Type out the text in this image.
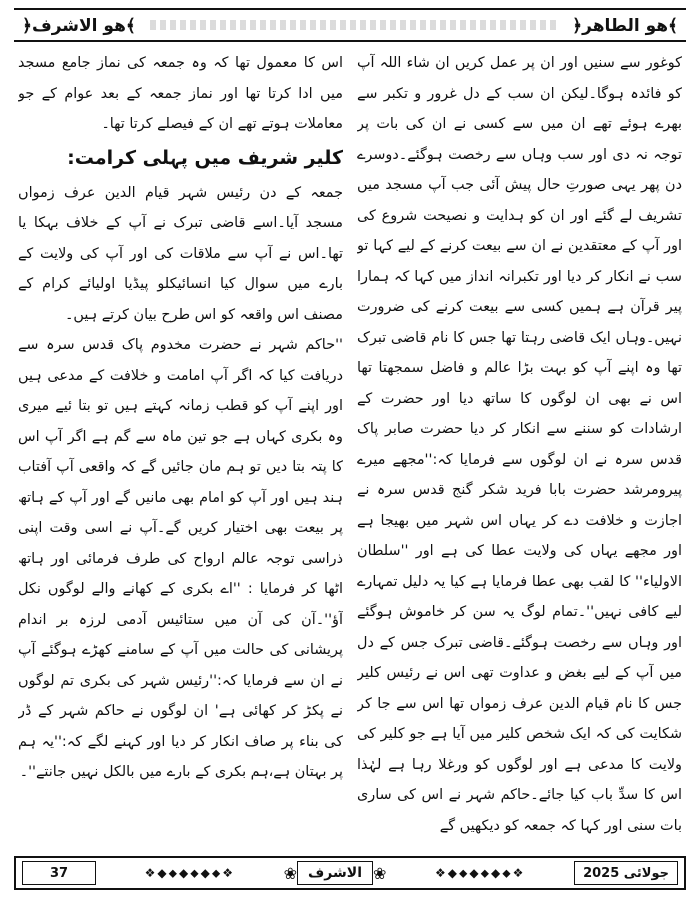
﴿ھو الاشرف﴾	﴿ھو الطاھر﴾

کوغور سے سنیں اور ان پر عمل کریں ان شاء اللہ آپ کو فائدہ ہوگا۔لیکن ان سب کے دل غرور و تکبر سے بھرے ہوئے تھے ان میں سے کسی نے ان کی بات پر توجہ نہ دی اور سب وہاں سے رخصت ہوگئے۔دوسرے دن پھر یہی صورتِ حال پیش آئی جب آپ مسجد میں تشریف لے گئے اور ان کو ہدایت و نصیحت شروع کی اور آپ کے معتقدین نے ان سے بیعت کرنے کے لیے کہا تو سب نے انکار کر دیا اور تکبرانہ انداز میں کہا کہ ہمارا پیر قرآن ہے ہمیں کسی سے بیعت کرنے کی ضرورت نہیں۔وہاں ایک قاضی رہتا تھا جس کا نام قاضی تبرک تھا وہ اپنے آپ کو بہت بڑا عالم و فاضل سمجھتا تھا اس نے بھی ان لوگوں کا ساتھ دیا اور حضرت کے ارشادات کو سننے سے انکار کر دیا حضرت صابر پاک قدس سرہ نے ان لوگوں سے فرمایا کہ:''مجھے میرے پیرومرشد حضرت بابا فرید شکر گنج قدس سرہ نے اجازت و خلافت دے کر یہاں اس شہر میں بھیجا ہے اور مجھے یہاں کی ولایت عطا کی ہے اور ''سلطان الاولیاء'' کا لقب بھی عطا فرمایا ہے کیا یہ دلیل تمہارے لیے کافی نہیں''۔تمام لوگ یہ سن کر خاموش ہوگئے اور وہاں سے رخصت ہوگئے۔قاضی تبرک جس کے دل میں آپ کے لیے بغض و عداوت تھی اس نے رئیس کلیر جس کا نام قیام الدین عرف زمواں تھا اس سے جا کر شکایت کی کہ ایک شخص کلیر میں آیا ہے جو کلیر کی ولایت کا مدعی ہے اور لوگوں کو ورغلا رہا ہے لہٰذا اس کا سدِّ باب کیا جائے۔حاکم شہر نے اس کی ساری بات سنی اور کہا کہ جمعہ کو دیکھیں گے

اس کا معمول تھا کہ وہ جمعہ کی نماز جامع مسجد میں ادا کرتا تھا اور نماز جمعہ کے بعد عوام کے جو معاملات ہوتے تھے ان کے فیصلے کرتا تھا۔

کلیر شریف میں پہلی کرامت:

جمعہ کے دن رئیس شہر قیام الدین عرف زمواں مسجد آیا۔اسے قاضی تبرک نے آپ کے خلاف بہکا یا تھا۔اس نے آپ سے ملاقات کی اور آپ کی ولایت کے بارے میں سوال کیا انسائیکلو پیڈیا اولیائے کرام کے مصنف اس واقعہ کو اس طرح بیان کرتے ہیں۔

''حاکم شہر نے حضرت مخدوم پاک قدس سرہ سے دریافت کیا کہ اگر آپ امامت و خلافت کے مدعی ہیں اور اپنے آپ کو قطب زمانہ کہتے ہیں تو بتا ئیے میری وہ بکری کہاں ہے جو تین ماہ سے گم ہے اگر آپ اس کا پتہ بتا دیں تو ہم مان جائیں گے کہ واقعی آپ آفتاب ہند ہیں اور آپ کو امام بھی مانیں گے اور آپ کے ہاتھ پر بیعت بھی اختیار کریں گے۔آپ نے اسی وقت اپنی ذراسی توجہ عالم ارواح کی طرف فرمائی اور ہاتھ اٹھا کر فرمایا : ''اے بکری کے کھانے والے لوگوں نکل آؤ''۔آن کی آن میں ستائیس آدمی لرزہ بر اندام پریشانی کی حالت میں آپ کے سامنے کھڑے ہوگئے آپ نے ان سے فرمایا کہ:''رئیس شہر کی بکری تم لوگوں نے پکڑ کر کھائی ہے' ان لوگوں نے حاکم شہر کے ڈر کی بناء پر صاف انکار کر دیا اور کہنے لگے کہ:''یہ ہم پر بہتان ہے،ہم بکری کے بارے میں بالکل نہیں جانتے''۔

37	❖◆⬥◆⬥◆⬥❖	❀ الاشرف ❀	❖◆⬥◆⬥◆⬥❖	جولائی 2025
